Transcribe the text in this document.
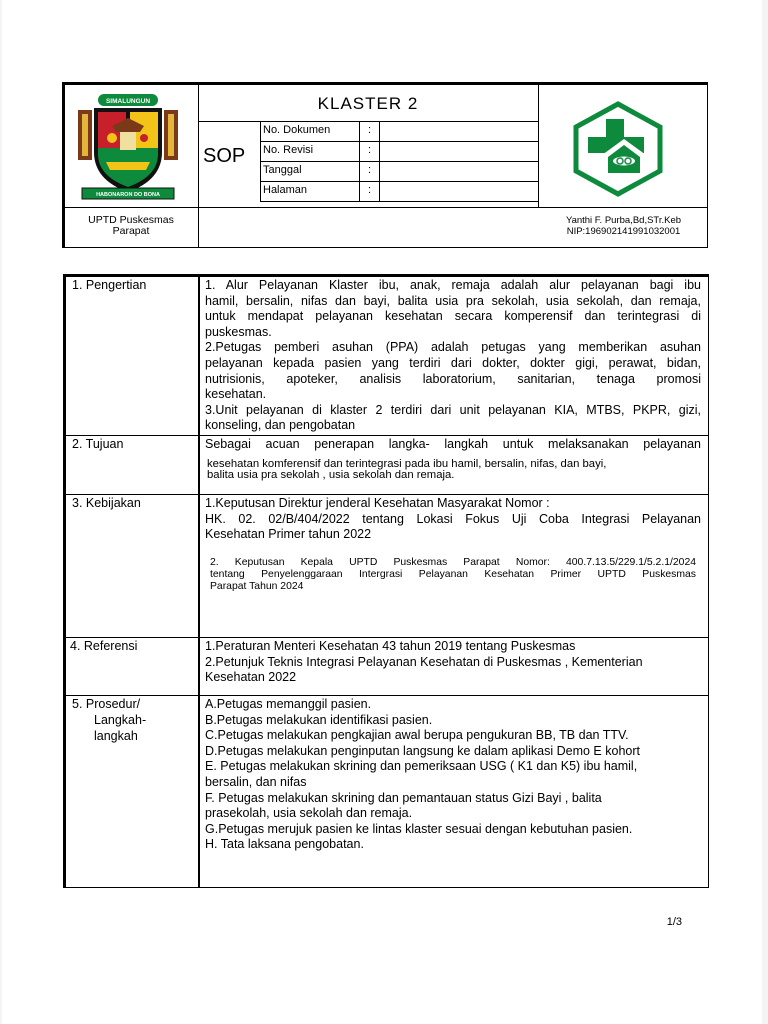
No. Dokumen	:
No. Revisi	:
Tanggal	:
Halaman	:
KLASTER 2
SOP
SIMALUNGUN
HABONARON DO BONA
UPTD Puskesmas
Parapat
Yanthi F. Purba,Bd,STr.Keb
NIP:196902141991032001
1. Pengertian	1. Alur Pelayanan Klaster ibu, anak, remaja adalah alur pelayanan bagi ibu

hamil, bersalin, nifas dan bayi, balita usia pra sekolah, usia sekolah, dan remaja,

untuk mendapat pelayanan kesehatan secara komperensif dan terintegrasi di

puskesmas.

2.Petugas pemberi asuhan (PPA) adalah petugas yang memberikan asuhan

pelayanan kepada pasien yang terdiri dari dokter, dokter gigi, perawat, bidan,

nutrisionis, apoteker, analisis laboratorium, sanitarian, tenaga promosi

kesehatan.

3.Unit pelayanan di klaster 2 terdiri dari unit pelayanan KIA, MTBS, PKPR, gizi,

konseling, dan pengobatan

2. Tujuan	Sebagai acuan penerapan langka- langkah untuk melaksanakan pelayanan

kesehatan komferensif dan terintegrasi pada ibu hamil, bersalin, nifas, dan bayi,
balita usia pra sekolah , usia sekolah dan remaja.
3. Kebijakan	1.Keputusan Direktur jenderal Kesehatan Masyarakat Nomor :

HK. 02. 02/B/404/2022 tentang Lokasi Fokus Uji Coba Integrasi Pelayanan

Kesehatan Primer tahun 2022

2. Keputusan Kepala UPTD Puskesmas Parapat Nomor: 400.7.13.5/229.1/5.2.1/2024

tentang Penyelenggaraan Intergrasi Pelayanan Kesehatan Primer UPTD Puskesmas

Parapat Tahun 2024

4. Referensi	1.Peraturan Menteri Kesehatan 43 tahun 2019 tentang Puskesmas
2.Petunjuk Teknis Integrasi Pelayanan Kesehatan di Puskesmas , Kementerian
Kesehatan 2022
5. Prosedur/
Langkah-
langkah
A.Petugas memanggil pasien.
B.Petugas melakukan identifikasi pasien.
C.Petugas melakukan pengkajian awal berupa pengukuran BB, TB dan TTV.
D.Petugas melakukan penginputan langsung ke dalam aplikasi Demo E kohort
E. Petugas melakukan skrining dan pemeriksaan USG ( K1 dan K5) ibu hamil,
bersalin, dan nifas
F. Petugas melakukan skrining dan pemantauan status Gizi Bayi , balita
prasekolah, usia sekolah dan remaja.
G.Petugas merujuk pasien ke lintas klaster sesuai dengan kebutuhan pasien.
H. Tata laksana pengobatan.
1/3
